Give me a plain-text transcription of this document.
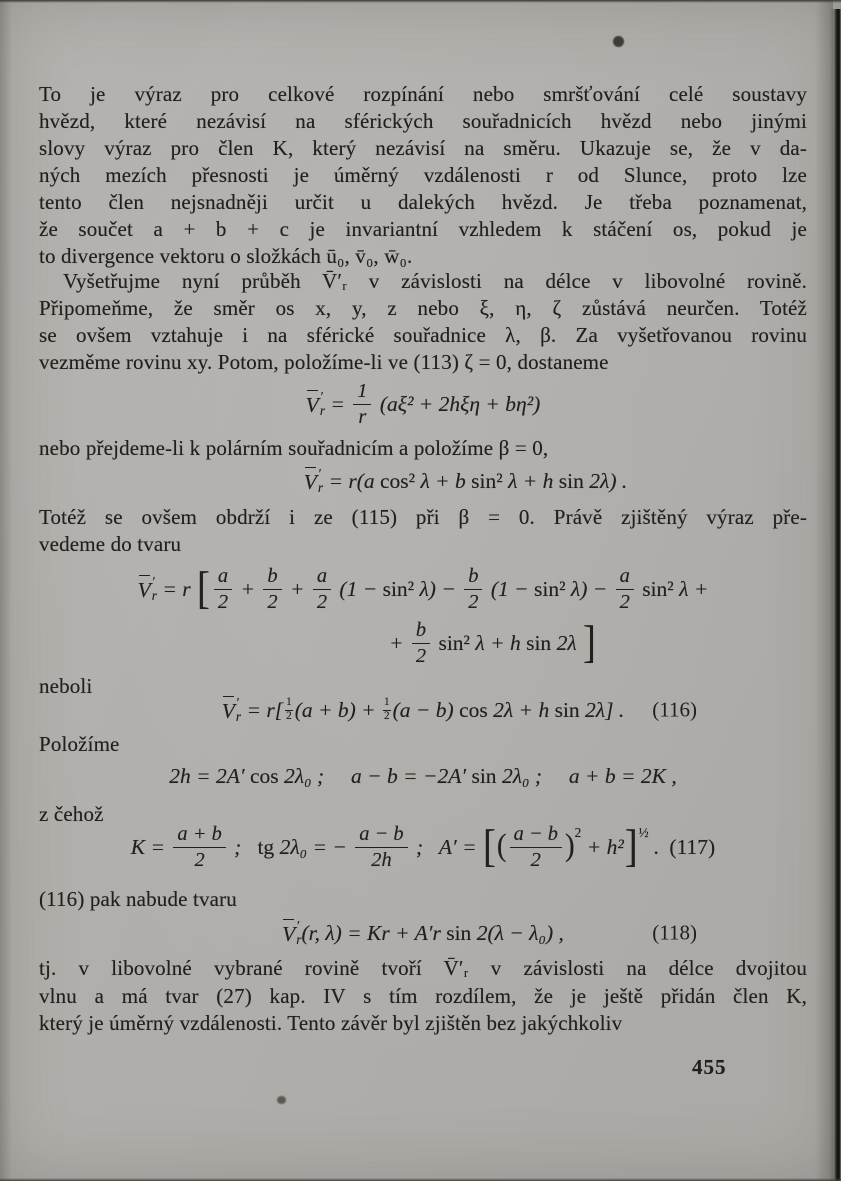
To je výraz pro celkové rozpínání nebo smršťování celé soustavy
hvězd, které nezávisí na sférických souřadnicích hvězd nebo jinými
slovy výraz pro člen K, který nezávisí na směru. Ukazuje se, že v da-
ných mezích přesnosti je úměrný vzdálenosti r od Slunce, proto lze
tento člen nejsnadněji určit u dalekých hvězd. Je třeba poznamenat,
že součet a + b + c je invariantní vzhledem k stáčení os, pokud je
to divergence vektoru o složkách ū₀, v̄₀, w̄₀.
Vyšetřujme nyní průběh V̄′ᵣ v závislosti na délce v libovolné rovině.
Připomeňme, že směr os x, y, z nebo ξ, η, ζ zůstává neurčen. Totéž
se ovšem vztahuje i na sférické souřadnice λ, β. Za vyšetřovanou rovinu
vezměme rovinu xy. Potom, položíme-li ve (113) ζ = 0, dostaneme
V ′
$r = \frac{1}{r} (a\xi^2 + 2h\xi\eta + b\eta^2)$
nebo přejdeme-li k polárním souřadnicím a položíme β = 0,
V ′
r = r(a cos² λ + b sin² λ + h sin 2λ) .
Totéž se ovšem obdrží i ze (115) při β = 0. Právě zjištěný výraz pře-
vedeme do tvaru
V ′
r = r [ $\frac{a}{2} + \frac{b}{2} + \frac{a}{2} (1 - \sin^2$ $\lambda) - \frac{b}{2} (1 - \sin^2$ $\lambda) - \frac{a}{2}$
sin² λ +
+ $\frac{b}{2}$
sin² λ + h sin 2λ ]
neboli
V ′
$r = r[ \frac{1}{2} (a + b) + \frac{1}{2} (a - b)$ cos 2λ + h sin 2λ] . (116)
Položíme
2h = 2A′ cos 2λ₀ ;  a − b = −2A′ sin 2λ₀ ;  a + b = 2K ,
z čehož
$K = \frac{a + b}{2}$ ;  tg 2λ₀ = − $\frac{a - b}{2h}$ ;  A′ = [ ( $\frac{a - b}{2}$ ) 2
+ h² ] ½
. (117)
(116) pak nabude tvaru
V ′
r (r, λ) = Kr + A′r sin 2(λ − λ₀) ,	(118)
tj. v libovolné vybrané rovině tvoří V̄′ᵣ v závislosti na délce dvojitou
vlnu a má tvar (27) kap. IV s tím rozdílem, že je ještě přidán člen K,
který je úměrný vzdálenosti. Tento závěr byl zjištěn bez jakýchkoliv
455
